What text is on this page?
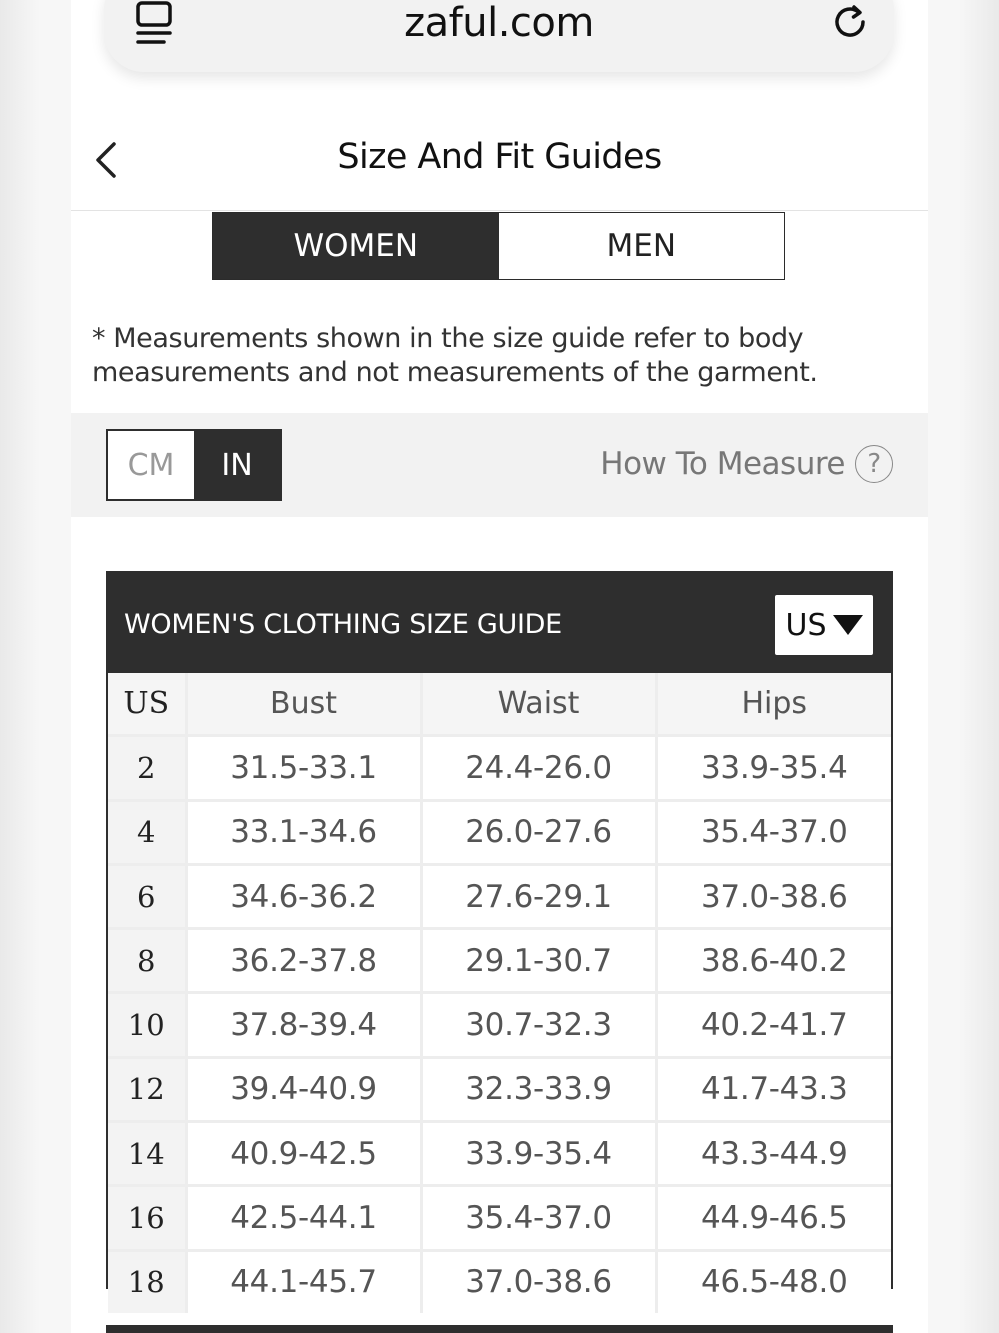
zaful.com
Size And Fit Guides
WOMEN	MEN
* Measurements shown in the size guide refer to body measurements and not measurements of the garment.
CM	IN	How To Measure ?
WOMEN'S CLOTHING SIZE GUIDE	US
US	Bust	Waist	Hips
2	31.5-33.1	24.4-26.0	33.9-35.4
4	33.1-34.6	26.0-27.6	35.4-37.0
6	34.6-36.2	27.6-29.1	37.0-38.6
8	36.2-37.8	29.1-30.7	38.6-40.2
10	37.8-39.4	30.7-32.3	40.2-41.7
12	39.4-40.9	32.3-33.9	41.7-43.3
14	40.9-42.5	33.9-35.4	43.3-44.9
16	42.5-44.1	35.4-37.0	44.9-46.5
18	44.1-45.7	37.0-38.6	46.5-48.0
